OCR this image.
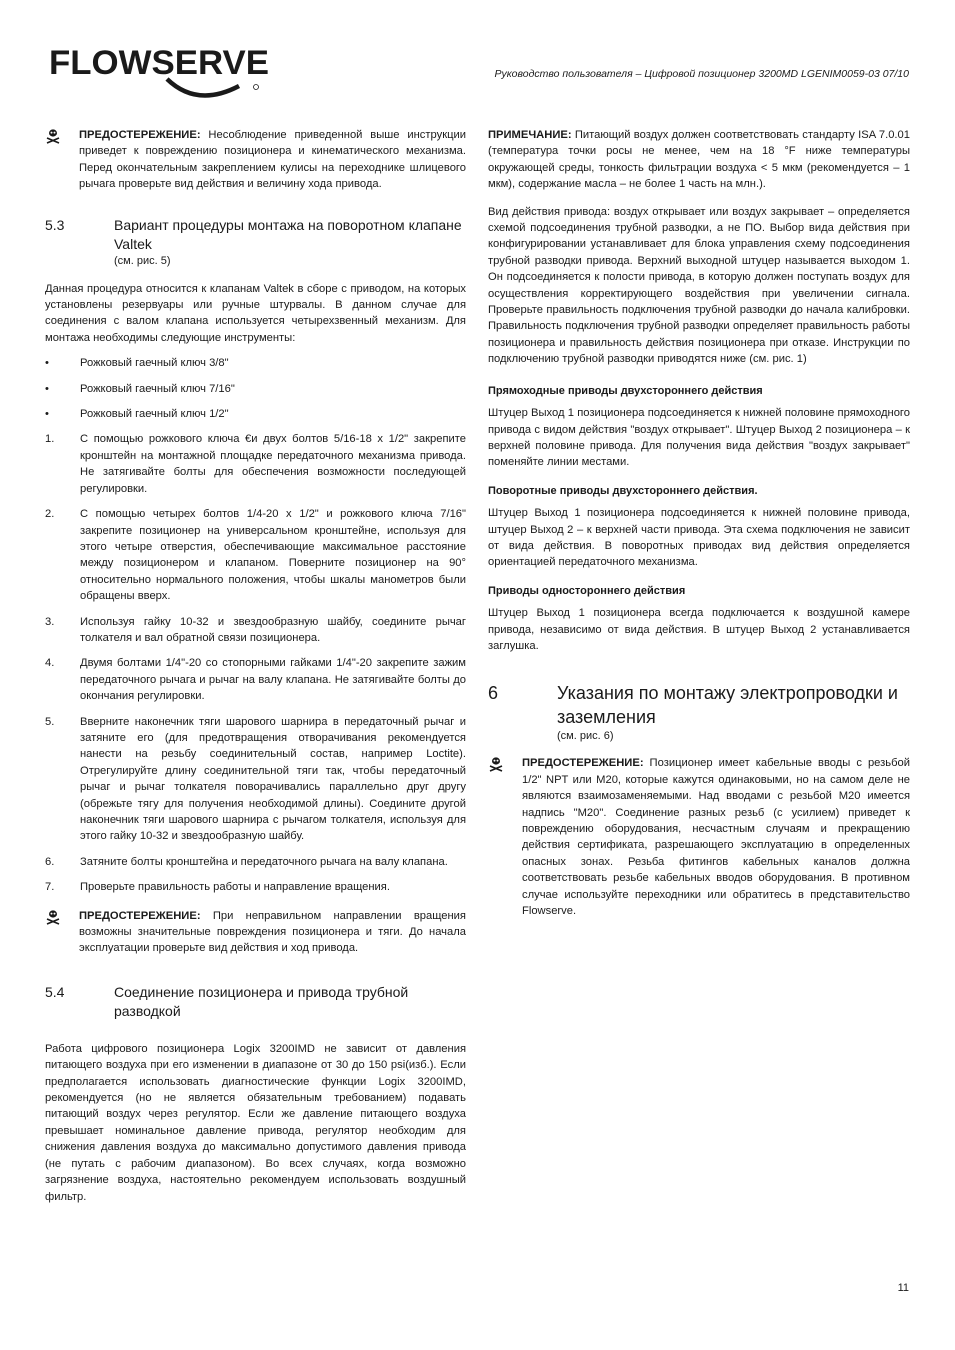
FLOWSERVE	Руководство пользователя – Цифровой позиционер 3200MD LGENIM0059-03 07/10

ПРЕДОСТЕРЕЖЕНИЕ: Несоблюдение приведенной выше инструкции приведет к повреждению позиционера и кинематического механизма. Перед окончательным закреплением кулисы на переходнике шлицевого рычага проверьте вид действия и величину хода привода.

5.3	Вариант процедуры монтажа на поворотном клапане Valtek
(см. рис. 5)

Данная процедура относится к клапанам Valtek в сборе с приводом, на которых установлены резервуары или ручные штурвалы. В данном случае для соединения с валом клапана используется четырехзвенный механизм. Для монтажа необходимы следующие инструменты:

•	Рожковый гаечный ключ 3/8"
•	Рожковый гаечный ключ 7/16"
•	Рожковый гаечный ключ 1/2"

1. С помощью рожкового ключа €и двух болтов 5/16-18 x 1/2" закрепите кронштейн на монтажной площадке передаточного механизма привода. Не затягивайте болты для обеспечения возможности последующей регулировки.

2. С помощью четырех болтов 1/4-20 x 1/2" и рожкового ключа 7/16" закрепите позиционер на универсальном кронштейне, используя для этого четыре отверстия, обеспечивающие максимальное расстояние между позиционером и клапаном. Поверните позиционер на 90° относительно нормального положения, чтобы шкалы манометров были обращены вверх.

3. Используя гайку 10-32 и звездообразную шайбу, соедините рычаг толкателя и вал обратной связи позиционера.

4. Двумя болтами 1/4"-20 со стопорными гайками 1/4"-20 закрепите зажим передаточного рычага и рычаг на валу клапана. Не затягивайте болты до окончания регулировки.

5. Вверните наконечник тяги шарового шарнира в передаточный рычаг и затяните его (для предотвращения отворачивания рекомендуется нанести на резьбу соединительный состав, например Loctite). Отрегулируйте длину соединительной тяги так, чтобы передаточный рычаг и рычаг толкателя поворачивались параллельно друг другу (обрежьте тягу для получения необходимой длины). Соедините другой наконечник тяги шарового шарнира с рычагом толкателя, используя для этого гайку 10-32 и звездообразную шайбу.

6. Затяните болты кронштейна и передаточного рычага на валу клапана.

7. Проверьте правильность работы и направление вращения.

ПРЕДОСТЕРЕЖЕНИЕ: При неправильном направлении вращения возможны значительные повреждения позиционера и тяги. До начала эксплуатации проверьте вид действия и ход привода.

5.4	Соединение позиционера и привода трубной разводкой

Работа цифрового позиционера Logix 3200IMD не зависит от давления питающего воздуха при его изменении в диапазоне от 30 до 150 psi(изб.). Если предполагается использовать диагностические функции Logix 3200IMD, рекомендуется (но не является обязательным требованием) подавать питающий воздух через регулятор. Если же давление питающего воздуха превышает номинальное давление привода, регулятор необходим для снижения давления воздуха до максимально допустимого давления привода (не путать с рабочим диапазоном). Во всех случаях, когда возможно загрязнение воздуха, настоятельно рекомендуем использовать воздушный фильтр.

ПРИМЕЧАНИЕ: Питающий воздух должен соответствовать стандарту ISA 7.0.01 (температура точки росы не менее, чем на 18 °F ниже температуры окружающей среды, тонкость фильтрации воздуха < 5 мкм (рекомендуется – 1 мкм), содержание масла – не более 1 часть на млн.).

Вид действия привода: воздух открывает или воздух закрывает – определяется схемой подсоединения трубной разводки, а не ПО. Выбор вида действия при конфигурировании устанавливает для блока управления схему подсоединения трубной разводки привода. Верхний выходной штуцер называется выходом 1. Он подсоединяется к полости привода, в которую должен поступать воздух для осуществления корректирующего воздействия при увеличении сигнала. Проверьте правильность подключения трубной разводки до начала калибровки. Правильность подключения трубной разводки определяет правильность работы позиционера и правильность действия позиционера при отказе. Инструкции по подключению трубной разводки приводятся ниже (см. рис. 1)

Прямоходные приводы двухстороннего действия

Штуцер Выход 1 позиционера подсоединяется к нижней половине прямоходного привода с видом действия "воздух открывает". Штуцер Выход 2 позиционера – к верхней половине привода. Для получения вида действия "воздух закрывает" поменяйте линии местами.

Поворотные приводы двухстороннего действия.

Штуцер Выход 1 позиционера подсоединяется к нижней половине привода, штуцер Выход 2 – к верхней части привода. Эта схема подключения не зависит от вида действия. В поворотных приводах вид действия определяется ориентацией передаточного механизма.

Приводы одностороннего действия

Штуцер Выход 1 позиционера всегда подключается к воздушной камере привода, независимо от вида действия. В штуцер Выход 2 устанавливается заглушка.

6	Указания по монтажу электропроводки и заземления
(см. рис. 6)

ПРЕДОСТЕРЕЖЕНИЕ: Позиционер имеет кабельные вводы с резьбой 1/2" NPT или M20, которые кажутся одинаковыми, но на самом деле не являются взаимозаменяемыми. Над вводами с резьбой M20 имеется надпись "M20". Соединение разных резьб (с усилием) приведет к повреждению оборудования, несчастным случаям и прекращению действия сертификата, разрешающего эксплуатацию в определенных опасных зонах. Резьба фитингов кабельных каналов должна соответствовать резьбе кабельных вводов оборудования. В противном случае используйте переходники или обратитесь в представительство Flowserve.

11
